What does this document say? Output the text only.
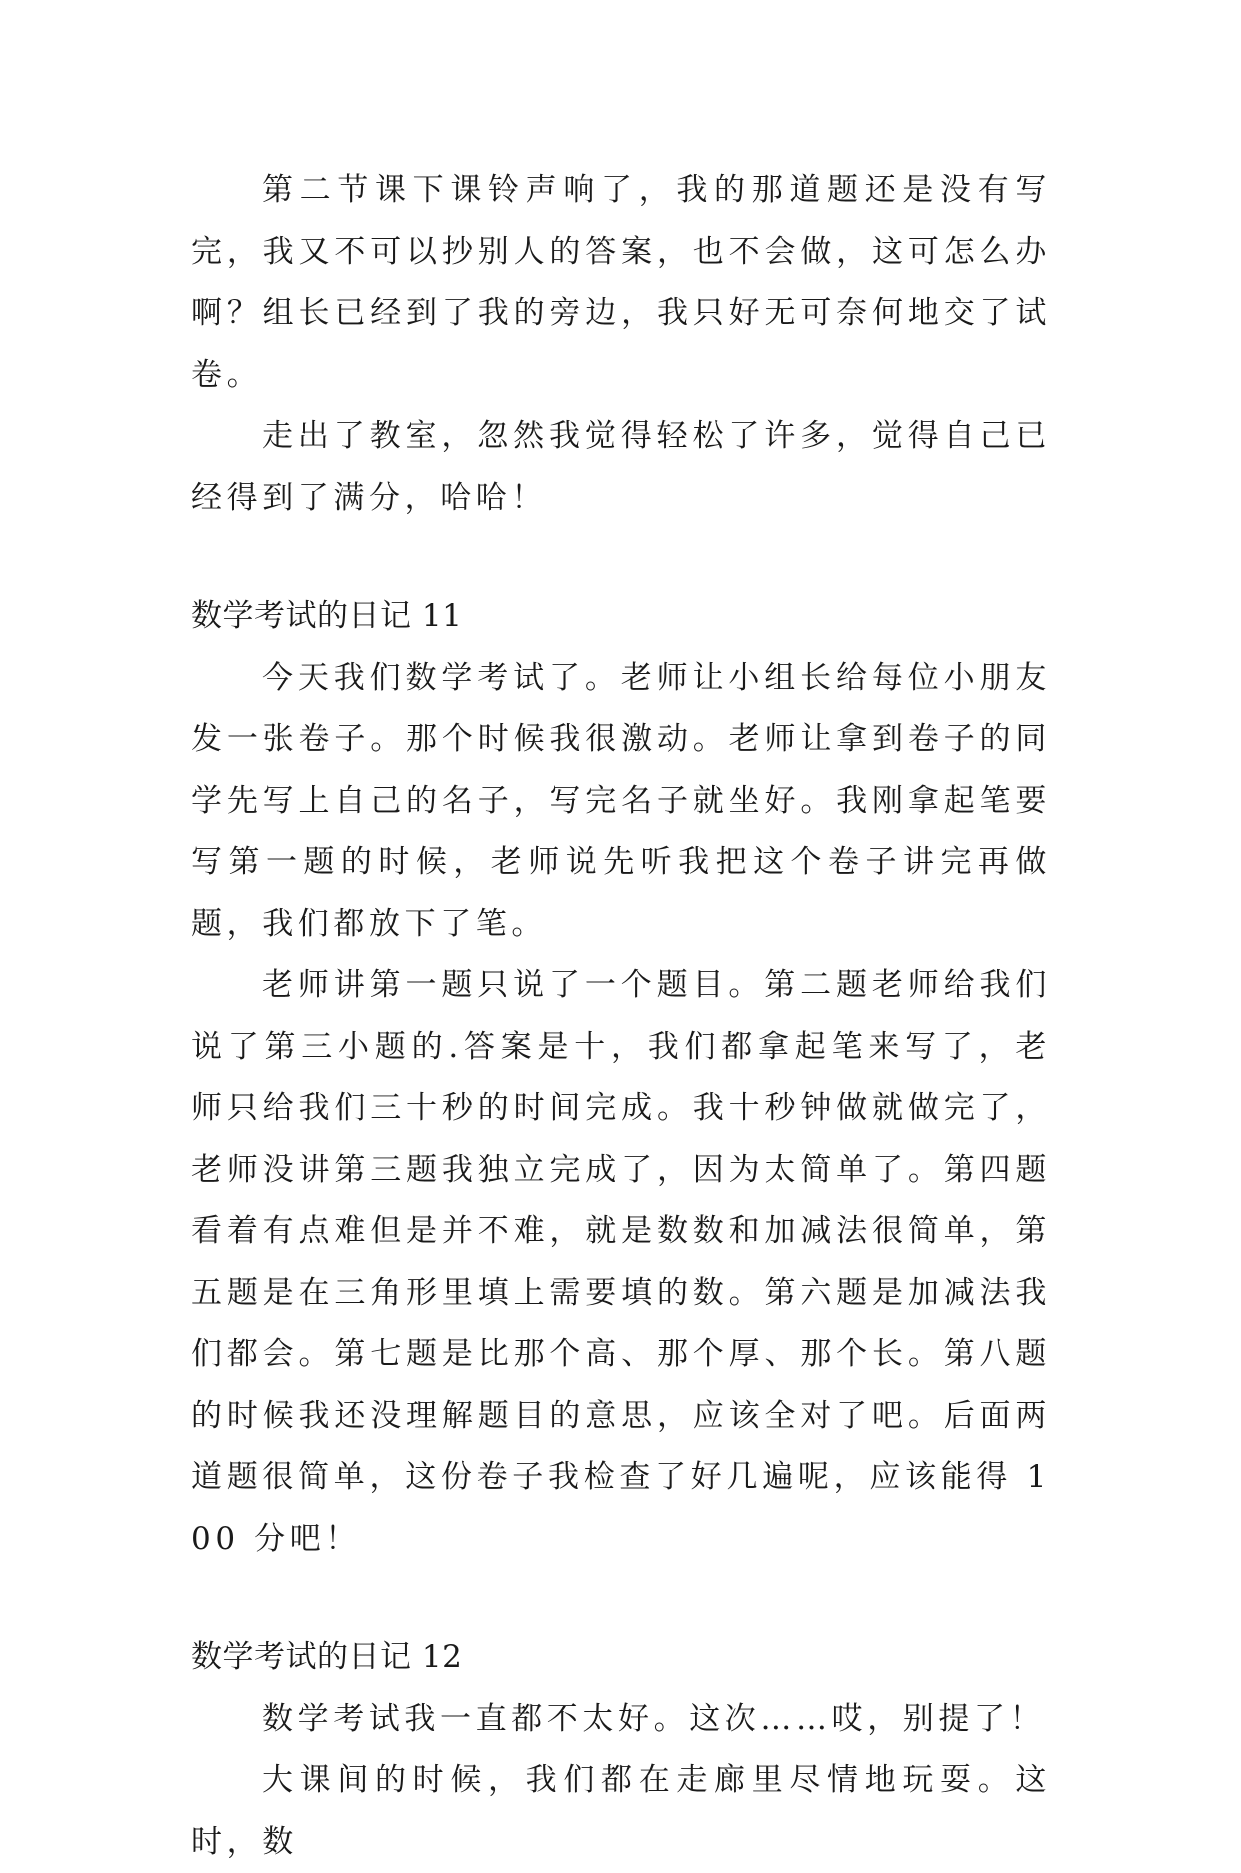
第二节课下课铃声响了，我的那道题还是没有写完，我又不可以抄别人的答案，也不会做，这可怎么办啊？组长已经到了我的旁边，我只好无可奈何地交了试卷。

走出了教室，忽然我觉得轻松了许多，觉得自己已经得到了满分，哈哈！

数学考试的日记 11

今天我们数学考试了。老师让小组长给每位小朋友发一张卷子。那个时候我很激动。老师让拿到卷子的同学先写上自己的名子，写完名子就坐好。我刚拿起笔要写第一题的时候，老师说先听我把这个卷子讲完再做题，我们都放下了笔。

老师讲第一题只说了一个题目。第二题老师给我们说了第三小题的.答案是十，我们都拿起笔来写了，老师只给我们三十秒的时间完成。我十秒钟做就做完了，老师没讲第三题我独立完成了，因为太简单了。第四题看着有点难但是并不难，就是数数和加减法很简单，第五题是在三角形里填上需要填的数。第六题是加减法我们都会。第七题是比那个高、那个厚、那个长。第八题的时候我还没理解题目的意思，应该全对了吧。后面两道题很简单，这份卷子我检查了好几遍呢，应该能得 100 分吧！

数学考试的日记 12

数学考试我一直都不太好。这次……哎，别提了！

大课间的时候，我们都在走廊里尽情地玩耍。这时，数
